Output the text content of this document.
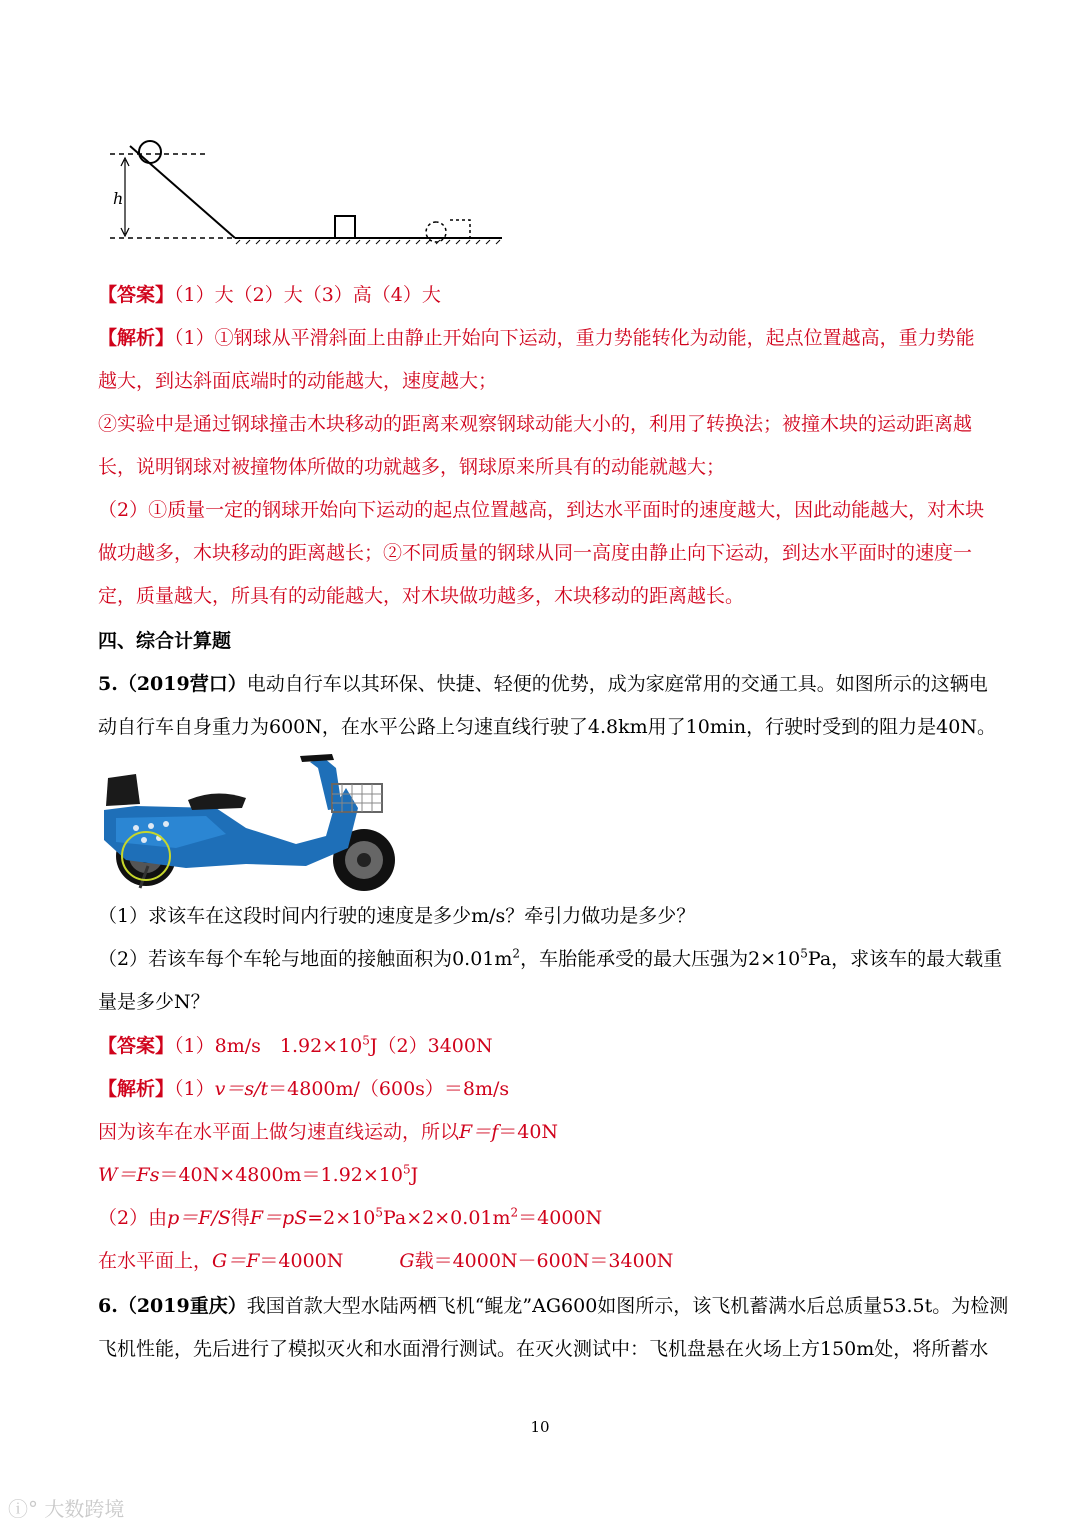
h
【答案】（1）大（2）大（3）高（4）大
【解析】（1）①钢球从平滑斜面上由静止开始向下运动，重力势能转化为动能，起点位置越高，重力势能
越大，到达斜面底端时的动能越大，速度越大；
②实验中是通过钢球撞击木块移动的距离来观察钢球动能大小的，利用了转换法；被撞木块的运动距离越
长，说明钢球对被撞物体所做的功就越多，钢球原来所具有的动能就越大；
（2）①质量一定的钢球开始向下运动的起点位置越高，到达水平面时的速度越大，因此动能越大，对木块
做功越多，木块移动的距离越长；②不同质量的钢球从同一高度由静止向下运动，到达水平面时的速度一
定，质量越大，所具有的动能越大，对木块做功越多，木块移动的距离越长。
四、综合计算题
5.（2019营口）电动自行车以其环保、快捷、轻便的优势，成为家庭常用的交通工具。如图所示的这辆电
动自行车自身重力为600N，在水平公路上匀速直线行驶了4.8km用了10min，行驶时受到的阻力是40N。
（1）求该车在这段时间内行驶的速度是多少m/s？牵引力做功是多少？
（2）若该车每个车轮与地面的接触面积为$0.01m^2$，车胎能承受的最大压强为$2\times 10^5Pa$，求该车的最大载重
量是多少N？
【答案】（1）8m/s　$1.92\times 10^5J(2)3400N$
【解析】（1）v＝s/t＝4800m/（600s）＝8m/s
因为该车在水平面上做匀速直线运动，所以F＝f＝40N
$W=Fs=40N\times 4800m=1.92\times 10^5J$
（2）由p＝F/S得$F=pS=2\times 10^5Pa\times 2\times 0.01m^2=4000N$
在水平面上，G＝F＝4000N	G载＝4000N－600N＝3400N
6.（2019重庆）我国首款大型水陆两栖飞机“鲲龙”AG600如图所示，该飞机蓄满水后总质量53.5t。为检测
飞机性能，先后进行了模拟灭火和水面滑行测试。在灭火测试中：飞机盘悬在火场上方150m处，将所蓄水
10
ⓘ° 大数跨境
